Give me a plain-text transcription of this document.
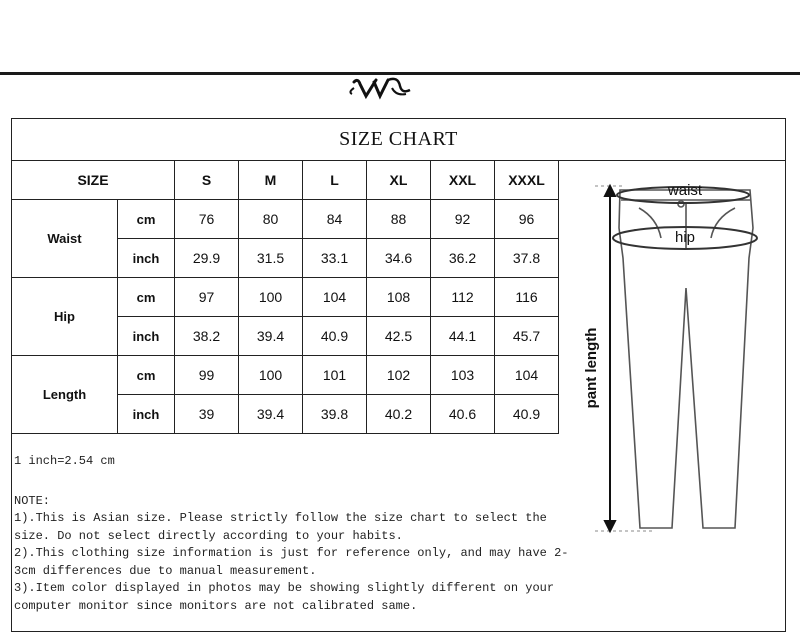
SIZE CHART
SIZE		S	M	L	XL	XXL	XXXL
Waist	cm	76	80	84	88	92	96
	inch	29.9	31.5	33.1	34.6	36.2	37.8
Hip	cm	97	100	104	108	112	116
	inch	38.2	39.4	40.9	42.5	44.1	45.7
Length	cm	99	100	101	102	103	104
	inch	39	39.4	39.8	40.2	40.6	40.9

1 inch=2.54 cm

NOTE:

1).This is Asian size. Please strictly follow the size chart to select the size. Do not select directly according to your habits.

2).This clothing size information is just for reference only, and may have 2-3cm differences due to manual measurement.

3).Item color displayed in photos may be showing slightly different on your computer monitor since monitors are not calibrated same.

waist
hip
pant length
